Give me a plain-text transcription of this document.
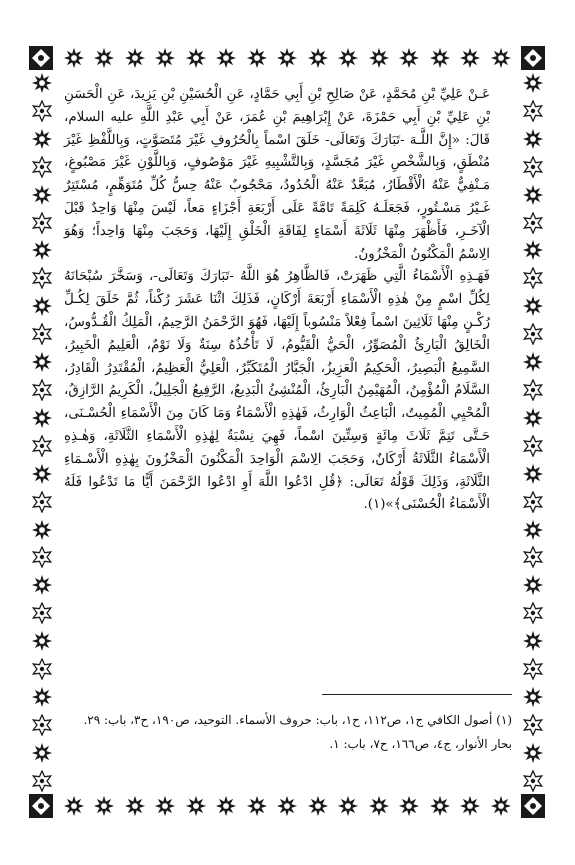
عَـنْ عَلِيِّ بْنِ مُحَمَّدٍ، عَنْ صَالِحِ بْنِ أَبِي حَمَّادٍ، عَنِ الْحُسَيْنِ بْنِ يَزِيدَ، عَنِ الْحَسَنِ بْنِ عَلِيِّ بْنِ أَبِي حَمْزَةَ، عَنْ إِبْرَاهِيمَ بْنِ عُمَرَ، عَنْ أَبِي عَبْدِ اللَّهِ عليه السلام، قَالَ: «إِنَّ اللَّـهَ -تَبَارَكَ وَتَعَالَى- خَلَقَ اسْماً بِالْحُرُوفِ غَيْرَ مُتَصَوَّتٍ، وَبِاللَّفْظِ غَيْرَ مُنْطَقٍ، وَبِالشَّخْصِ غَيْرَ مُجَسَّدٍ، وَبِالتَّشْبِيهِ غَيْرَ مَوْصُوفٍ، وَبِاللَّوْنِ غَيْرَ مَصْبُوغٍ، مَـنْفِيٌّ عَنْهُ الْأَقْطَارُ، مُبَعَّدٌ عَنْهُ الْحُدُودُ، مَحْجُوبٌ عَنْهُ حِسُّ كُلِّ مُتَوَهِّمٍ، مُسْتَتِرٌ غَـيْرُ مَسْـتُورٍ، فَجَعَلَـهُ كَلِمَةً تَامَّةً عَلَى أَرْبَعَةِ أَجْزَاءٍ مَعاً، لَيْسَ مِنْهَا وَاحِدٌ قَبْلَ الْآخَـرِ، فَأَظْهَرَ مِنْهَا ثَلَاثَةَ أَسْمَاءٍ لِفَاقَةِ الْخَلْقِ إِلَيْهَا، وَحَجَبَ مِنْهَا وَاحِداً؛ وَهُوَ الِاسْمُ الْمَكْنُونُ الْمَخْزُونُ.

فَهَـذِهِ الْأَسْمَاءُ الَّتِي ظَهَرَتْ، فَالظَّاهِرُ هُوَ اللَّهُ -تَبَارَكَ وَتَعَالَى-، وَسَخَّرَ سُبْحَانَهُ لِكُلِّ اسْمٍ مِنْ هٰذِهِ الْأَسْمَاءِ أَرْبَعَةَ أَرْكَانٍ، فَذَلِكَ اثْنَا عَشَرَ رُكْناً، ثُمَّ خَلَقَ لِكُـلِّ رُكْـنٍ مِنْهَا ثَلَاثِينَ اسْماً فِعْلاً مَنْسُوباً إِلَيْهَا، فَهُوَ الرَّحْمَنُ الرَّحِيمُ، الْمَلِكُ الْقُـدُّوسُ، الْخَالِقُ الْبَارِئُ الْمُصَوِّرُ، الْحَيُّ الْقَيُّومُ، لَا تَأْخُذُهُ سِنَةٌ وَلَا نَوْمٌ، الْعَلِيمُ الْخَبِيرُ، السَّمِيعُ الْبَصِيرُ، الْحَكِيمُ الْعَزِيزُ، الْجَبَّارُ الْمُتَكَبِّرُ، الْعَلِيُّ الْعَظِيمُ، الْمُقْتَدِرُ الْقَادِرُ، السَّلَامُ الْمُؤْمِنُ، الْمُهَيْمِنُ الْبَارِئُ، الْمُنْشِئُ الْبَدِيعُ، الرَّفِيعُ الْجَلِيلُ، الْكَرِيمُ الرَّازِقُ، الْمُحْيِي الْمُمِيتُ، الْبَاعِثُ الْوَارِثُ، فَهٰذِهِ الْأَسْمَاءُ وَمَا كَانَ مِنَ الْأَسْمَاءِ الْحُسْـنَى، حَـتَّى تَتِمَّ ثَلَاثَ مِائَةٍ وَسِتِّينَ اسْماً، فَهِيَ نِسْبَةٌ لِهٰذِهِ الْأَسْمَاءِ الثَّلَاثَةِ، وَهٰـذِهِ الْأَسْمَاءُ الثَّلَاثَةُ أَرْكَانٌ، وَحَجَبَ الِاسْمَ الْوَاحِدَ الْمَكْنُونَ الْمَخْزُونَ بِهٰذِهِ الْأَسْـمَاءِ الثَّلَاثَةِ، وَذَلِكَ قَوْلُهُ تَعَالَى: ﴿قُلِ ادْعُوا اللَّهَ أَوِ ادْعُوا الرَّحْمَنَ أَيًّا مَا تَدْعُوا فَلَهُ الْأَسْمَاءُ الْحُسْنَى﴾»(١).

(١) أصول الكافي ج١، ص١١٢، ح١، باب: حروف الأسماء. التوحيد، ص١٩٠، ح٣، باب: ٢٩. بحار الأنوار، ج٤، ص١٦٦، ح٧، باب: ١.
